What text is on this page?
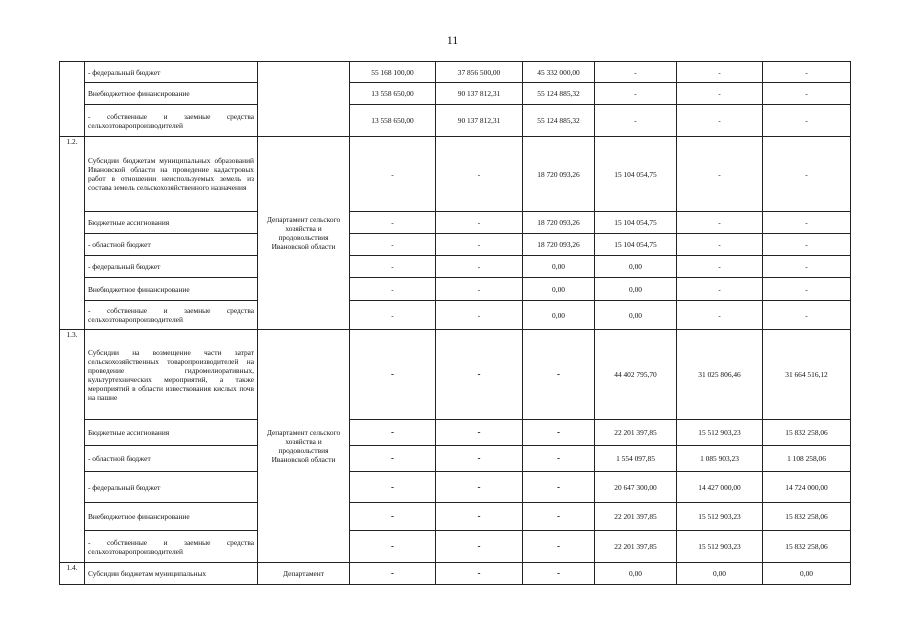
11
	- федеральный бюджет		55 168 100,00	37 856 500,00	45 332 000,00	-	-	-
	Внебюджетное финансирование		13 558 650,00	90 137 812,31	55 124 885,32	-	-	-
	- собственные и заемные средства сельхозтоваропроизводителей		13 558 650,00	90 137 812,31	55 124 885,32	-	-	-
1.2.	Субсидии бюджетам муниципальных образований Ивановской области на проведение кадастровых работ в отношении неиспользуемых земель из состава земель сельскохозяйственного назначения	Департамент сельского хозяйства и продовольствия Ивановской области	-	-	18 720 093,26	15 104 054,75	-	-
	Бюджетные ассигнования		-	-	18 720 093,26	15 104 054,75	-	-
	- областной бюджет		-	-	18 720 093,26	15 104 054,75	-	-
	- федеральный бюджет		-	-	0,00	0,00	-	-
	Внебюджетное финансирование		-	-	0,00	0,00	-	-
	- собственные и заемные средства сельхозтоваропроизводителей		-	-	0,00	0,00	-	-
1.3.	Субсидии на возмещение части затрат сельскохозяйственных товаропроизводителей на проведение гидромелиоративных, культуртехнических мероприятий, а также мероприятий в области известкования кислых почв на пашне	Департамент сельского хозяйства и продовольствия Ивановской области	-	-	-	44 402 795,70	31 025 806,46	31 664 516,12
	Бюджетные ассигнования		-	-	-	22 201 397,85	15 512 903,23	15 832 258,06
	- областной бюджет		-	-	-	1 554 097,85	1 085 903,23	1 108 258,06
	- федеральный бюджет		-	-	-	20 647 300,00	14 427 000,00	14 724 000,00
	Внебюджетное финансирование		-	-	-	22 201 397,85	15 512 903,23	15 832 258,06
	- собственные и заемные средства сельхозтоваропроизводителей		-	-	-	22 201 397,85	15 512 903,23	15 832 258,06
1.4.	Субсидии бюджетам муниципальных	Департамент	-	-	-	0,00	0,00	0,00
